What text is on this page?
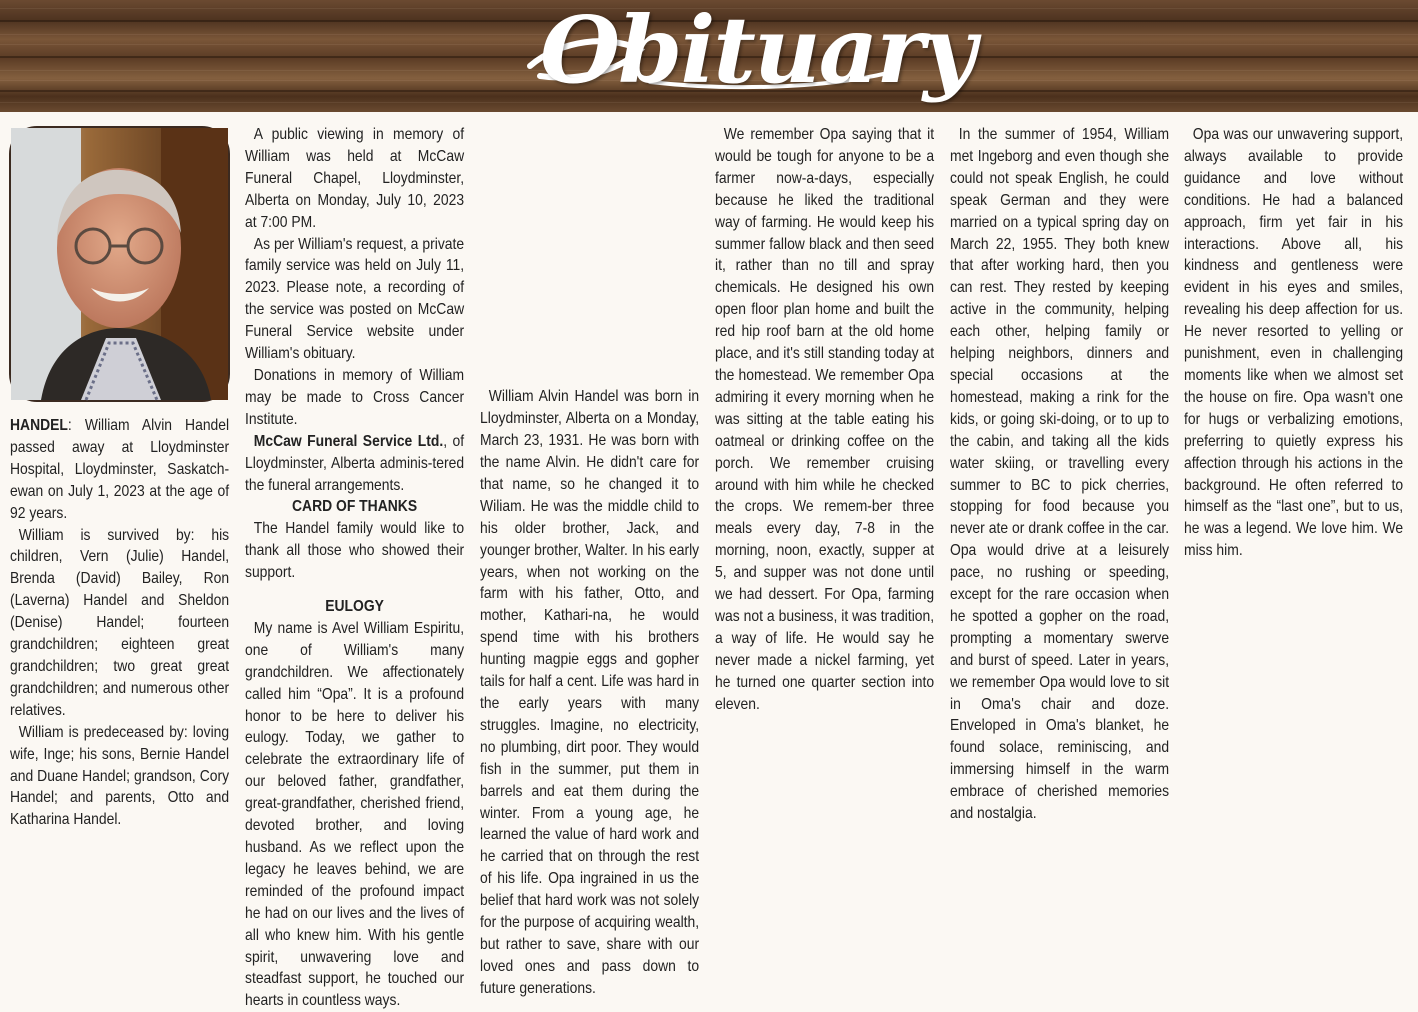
Obituary

HANDEL: William Alvin Handel passed away at Lloydminster Hospital, Lloydminster, Saskatch-ewan on July 1, 2023 at the age of 92 years.

William is survived by: his children, Vern (Julie) Handel, Brenda (David) Bailey, Ron (Laverna) Handel and Sheldon (Denise) Handel; fourteen grandchildren; eighteen great grandchildren; two great great grandchildren; and numerous other relatives.

William is predeceased by: loving wife, Inge; his sons, Bernie Handel and Duane Handel; grandson, Cory Handel; and parents, Otto and Katharina Handel.

A public viewing in memory of William was held at McCaw Funeral Chapel, Lloydminster, Alberta on Monday, July 10, 2023 at 7:00 PM.

As per William's request, a private family service was held on July 11, 2023. Please note, a recording of the service was posted on McCaw Funeral Service website under William's obituary.

Donations in memory of William may be made to Cross Cancer Institute.

McCaw Funeral Service Ltd., of Lloydminster, Alberta adminis-tered the funeral arrangements.

CARD OF THANKS

The Handel family would like to thank all those who showed their support.

EULOGY

My name is Avel William Espiritu, one of William's many grandchildren. We affectionately called him “Opa”. It is a profound honor to be here to deliver his eulogy. Today, we gather to celebrate the extraordinary life of our beloved father, grandfather, great-grandfather, cherished friend, devoted brother, and loving husband. As we reflect upon the legacy he leaves behind, we are reminded of the profound impact he had on our lives and the lives of all who knew him. With his gentle spirit, unwavering love and steadfast support, he touched our hearts in countless ways.

William Alvin Handel was born in Lloydminster, Alberta on a Monday, March 23, 1931. He was born with the name Alvin. He didn't care for that name, so he changed it to Wiliam. He was the middle child to his older brother, Jack, and younger brother, Walter. In his early years, when not working on the farm with his father, Otto, and mother, Kathari-na, he would spend time with his brothers hunting magpie eggs and gopher tails for half a cent. Life was hard in the early years with many struggles. Imagine, no electricity, no plumbing, dirt poor. They would fish in the summer, put them in barrels and eat them during the winter. From a young age, he learned the value of hard work and he carried that on through the rest of his life. Opa ingrained in us the belief that hard work was not solely for the purpose of acquiring wealth, but rather to save, share with our loved ones and pass down to future generations.

We remember Opa saying that it would be tough for anyone to be a farmer now-a-days, especially because he liked the traditional way of farming. He would keep his summer fallow black and then seed it, rather than no till and spray chemicals. He designed his own open floor plan home and built the red hip roof barn at the old home place, and it's still standing today at the homestead. We remember Opa admiring it every morning when he was sitting at the table eating his oatmeal or drinking coffee on the porch. We remember cruising around with him while he checked the crops. We remem-ber three meals every day, 7-8 in the morning, noon, exactly, supper at 5, and supper was not done until we had dessert. For Opa, farming was not a business, it was tradition, a way of life. He would say he never made a nickel farming, yet he turned one quarter section into eleven.

In the summer of 1954, William met Ingeborg and even though she could not speak English, he could speak German and they were married on a typical spring day on March 22, 1955. They both knew that after working hard, then you can rest. They rested by keeping active in the community, helping each other, helping family or helping neighbors, dinners and special occasions at the homestead, making a rink for the kids, or going ski-doing, or to up to the cabin, and taking all the kids water skiing, or travelling every summer to BC to pick cherries, stopping for food because you never ate or drank coffee in the car. Opa would drive at a leisurely pace, no rushing or speeding, except for the rare occasion when he spotted a gopher on the road, prompting a momentary swerve and burst of speed. Later in years, we remember Opa would love to sit in Oma's chair and doze. Enveloped in Oma's blanket, he found solace, reminiscing, and immersing himself in the warm embrace of cherished memories and nostalgia.

Opa was our unwavering support, always available to provide guidance and love without conditions. He had a balanced approach, firm yet fair in his interactions. Above all, his kindness and gentleness were evident in his eyes and smiles, revealing his deep affection for us. He never resorted to yelling or punishment, even in challenging moments like when we almost set the house on fire. Opa wasn't one for hugs or verbalizing emotions, preferring to quietly express his affection through his actions in the background. He often referred to himself as the “last one”, but to us, he was a legend. We love him. We miss him.
